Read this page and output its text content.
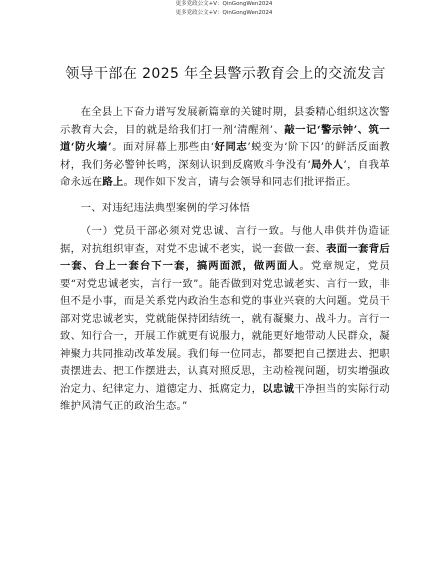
更多党政公文+V：QinGongWen2024
更多党政公文+V：QinGongWen2024
领导干部在 2025 年全县警示教育会上的交流发言

在全县上下奋力谱写发展新篇章的关键时期，县委精心组织这次警示教育大会，目的就是给我们打一剂‘清醒剂’、敲一记‘警示钟’、筑一道‘防火墙’。面对屏幕上那些由‘好同志’蜕变为‘阶下囚’的鲜活反面教材，我们务必警钟长鸣，深刻认识到反腐败斗争没有‘局外人’，自我革命永远在路上。现作如下发言，请与会领导和同志们批评指正。

一、对违纪违法典型案例的学习体悟

（一）党员干部必须对党忠诚、言行一致。与他人串供并伪造证据，对抗组织审查，对党不忠诚不老实，说一套做一套、表面一套背后一套、台上一套台下一套，搞两面派，做两面人。党章规定，党员要“对党忠诚老实，言行一致”。能否做到对党忠诚老实、言行一致，非但不是小事，而是关系党内政治生态和党的事业兴衰的大问题。党员干部对党忠诚老实，党就能保持团结统一，就有凝聚力、战斗力。言行一致、知行合一，开展工作就更有说服力，就能更好地带动人民群众，凝神聚力共同推动改革发展。我们每一位同志，都要把自己摆进去、把职责摆进去、把工作摆进去，认真对照反思，主动检视问题，切实增强政治定力、纪律定力、道德定力、抵腐定力，以忠诚干净担当的实际行动维护风清气正的政治生态。”
